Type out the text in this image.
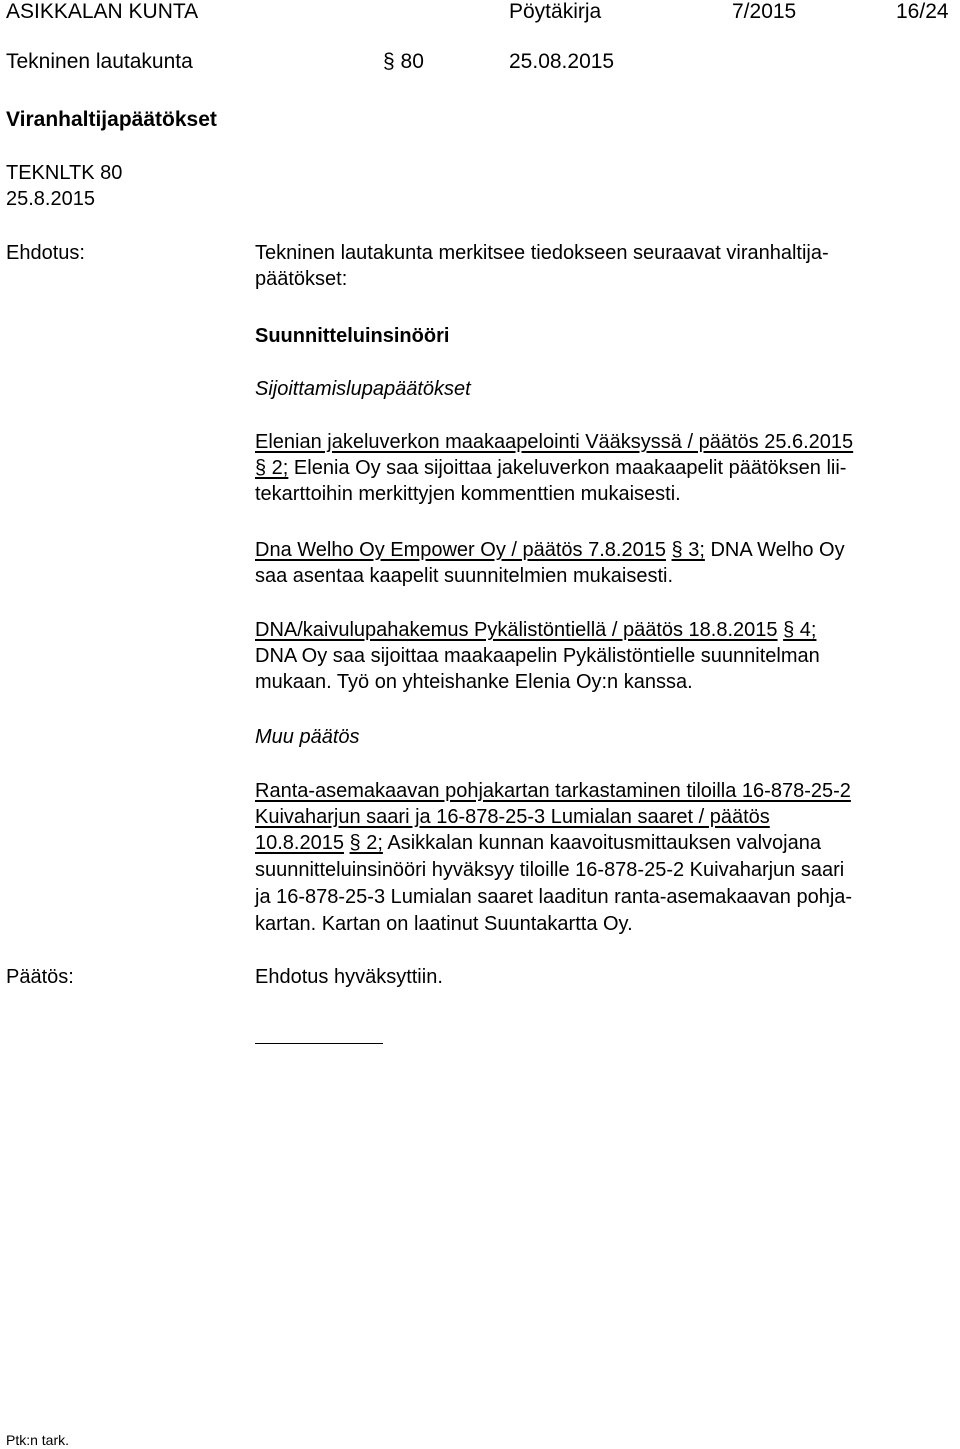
ASIKKALAN KUNTA	Pöytäkirja	7/2015	16/24
Tekninen lautakunta	§ 80	25.08.2015
Viranhaltijapäätökset
TEKNLTK 80
25.8.2015
Ehdotus:	Tekninen lautakunta merkitsee tiedokseen seuraavat viranhaltija-
päätökset:
Suunnitteluinsinööri
Sijoittamislupapäätökset
Elenian jakeluverkon maakaapelointi Vääksyssä / päätös 25.6.2015
§ 2; Elenia Oy saa sijoittaa jakeluverkon maakaapelit päätöksen lii-
tekarttoihin merkittyjen kommenttien mukaisesti.
Dna Welho Oy Empower Oy / päätös 7.8.2015 § 3; DNA Welho Oy
saa asentaa kaapelit suunnitelmien mukaisesti.
DNA/kaivulupahakemus Pykälistöntiellä / päätös 18.8.2015 § 4;
DNA Oy saa sijoittaa maakaapelin Pykälistöntielle suunnitelman
mukaan. Työ on yhteishanke Elenia Oy:n kanssa.
Muu päätös
Ranta-asemakaavan pohjakartan tarkastaminen tiloilla 16-878-25-2
Kuivaharjun saari ja 16-878-25-3 Lumialan saaret / päätös
10.8.2015 § 2; Asikkalan kunnan kaavoitusmittauksen valvojana
suunnitteluinsinööri hyväksyy tiloille 16-878-25-2 Kuivaharjun saari
ja 16-878-25-3 Lumialan saaret laaditun ranta-asemakaavan pohja-
kartan. Kartan on laatinut Suuntakartta Oy.
Päätös:	Ehdotus hyväksyttiin.
Ptk:n tark.
